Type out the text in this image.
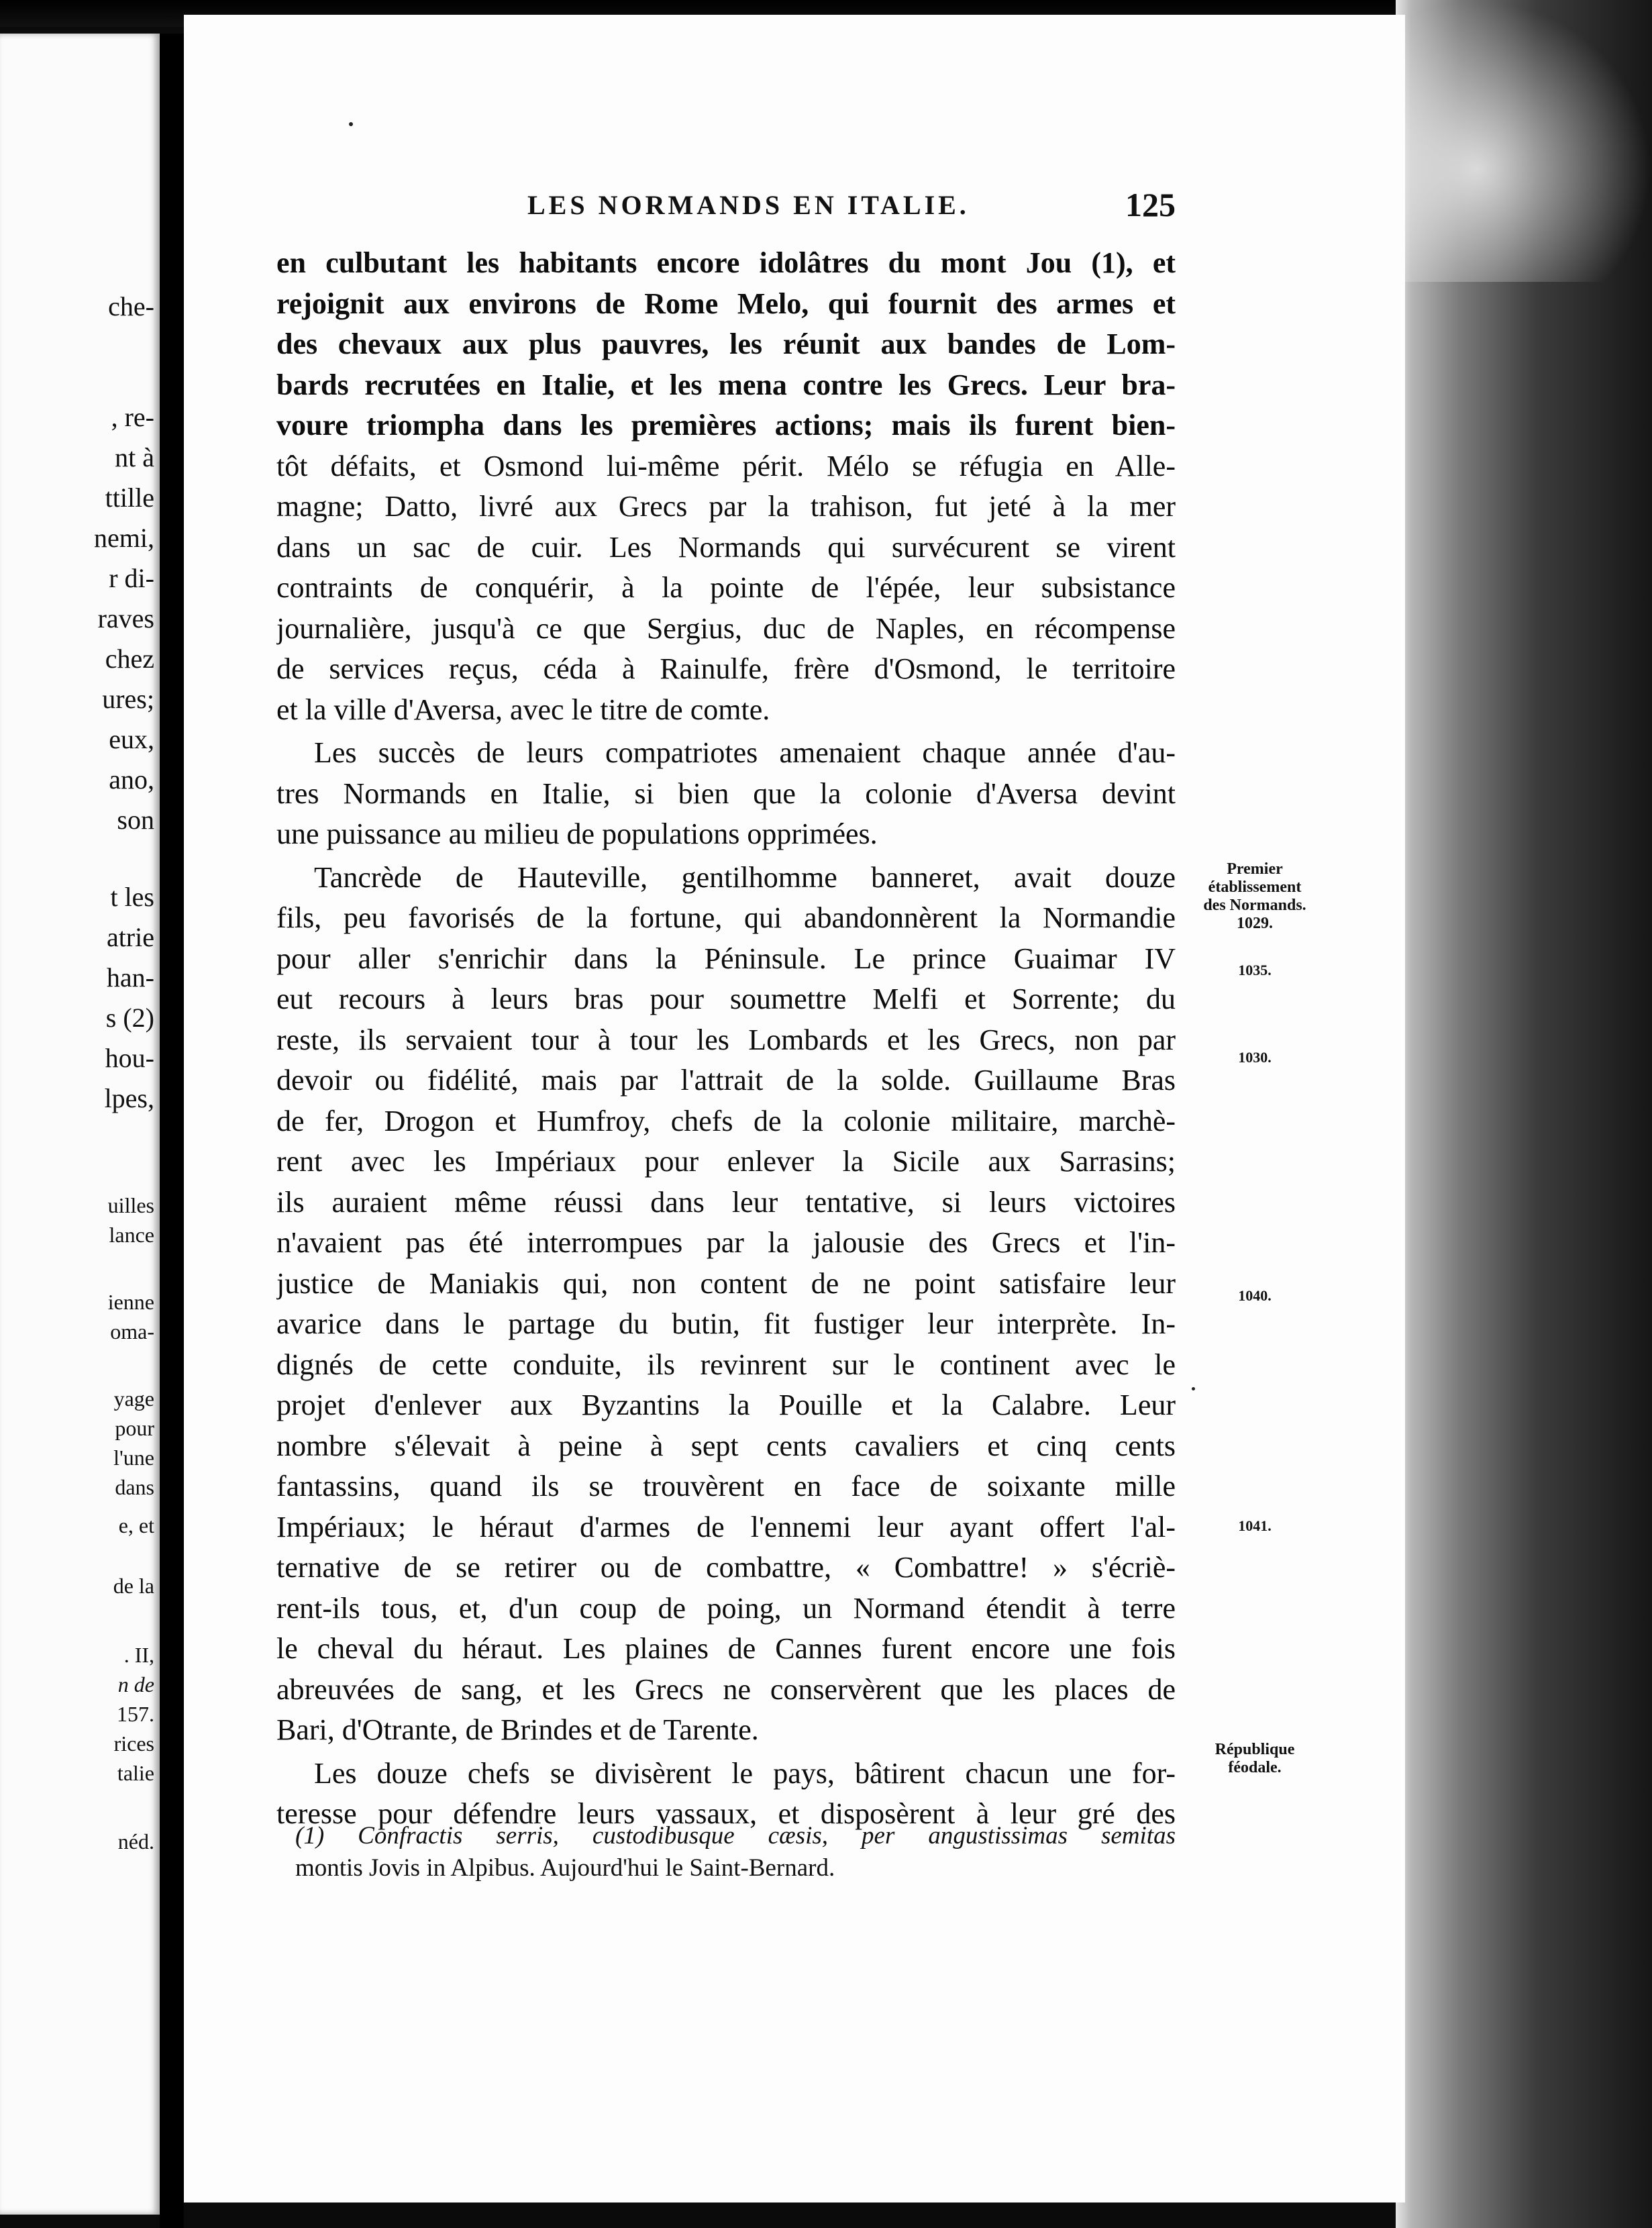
che-
, re-
nt à
ttille
nemi,
r di-
raves
chez
ures;
eux,
ano,
son
t les
atrie
han-
s (2)
hou-
lpes,
uilles
lance
ienne
oma-
yage
pour
l'une
dans
e, et
de la
. II,
n de
157.
rices
talie
néd.
LES NORMANDS EN ITALIE.	125
en culbutant les habitants encore idolâtres du mont Jou (1), et
rejoignit aux environs de Rome Melo, qui fournit des armes et
des chevaux aux plus pauvres, les réunit aux bandes de Lom-
bards recrutées en Italie, et les mena contre les Grecs. Leur bra-
voure triompha dans les premières actions; mais ils furent bien-
tôt défaits, et Osmond lui-même périt. Mélo se réfugia en Alle-
magne; Datto, livré aux Grecs par la trahison, fut jeté à la mer
dans un sac de cuir. Les Normands qui survécurent se virent
contraints de conquérir, à la pointe de l'épée, leur subsistance
journalière, jusqu'à ce que Sergius, duc de Naples, en récompense
de services reçus, céda à Rainulfe, frère d'Osmond, le territoire
et la ville d'Aversa, avec le titre de comte.
Les succès de leurs compatriotes amenaient chaque année d'au-
tres Normands en Italie, si bien que la colonie d'Aversa devint
une puissance au milieu de populations opprimées.
Tancrède de Hauteville, gentilhomme banneret, avait douze
fils, peu favorisés de la fortune, qui abandonnèrent la Normandie
pour aller s'enrichir dans la Péninsule. Le prince Guaimar IV
eut recours à leurs bras pour soumettre Melfi et Sorrente; du
reste, ils servaient tour à tour les Lombards et les Grecs, non par
devoir ou fidélité, mais par l'attrait de la solde. Guillaume Bras
de fer, Drogon et Humfroy, chefs de la colonie militaire, marchè-
rent avec les Impériaux pour enlever la Sicile aux Sarrasins;
ils auraient même réussi dans leur tentative, si leurs victoires
n'avaient pas été interrompues par la jalousie des Grecs et l'in-
justice de Maniakis qui, non content de ne point satisfaire leur
avarice dans le partage du butin, fit fustiger leur interprète. In-
dignés de cette conduite, ils revinrent sur le continent avec le
projet d'enlever aux Byzantins la Pouille et la Calabre. Leur
nombre s'élevait à peine à sept cents cavaliers et cinq cents
fantassins, quand ils se trouvèrent en face de soixante mille
Impériaux; le héraut d'armes de l'ennemi leur ayant offert l'al-
ternative de se retirer ou de combattre, « Combattre! » s'écriè-
rent-ils tous, et, d'un coup de poing, un Normand étendit à terre
le cheval du héraut. Les plaines de Cannes furent encore une fois
abreuvées de sang, et les Grecs ne conservèrent que les places de
Bari, d'Otrante, de Brindes et de Tarente.
Les douze chefs se divisèrent le pays, bâtirent chacun une for-
teresse pour défendre leurs vassaux, et disposèrent à leur gré des
(1) Confractis serris, custodibusque cæsis, per angustissimas semitas
montis Jovis in Alpibus. Aujourd'hui le Saint-Bernard.
Premier
établissement
des Normands.
1029.
1035.
1030.
1040.
1041.
République
féodale.
